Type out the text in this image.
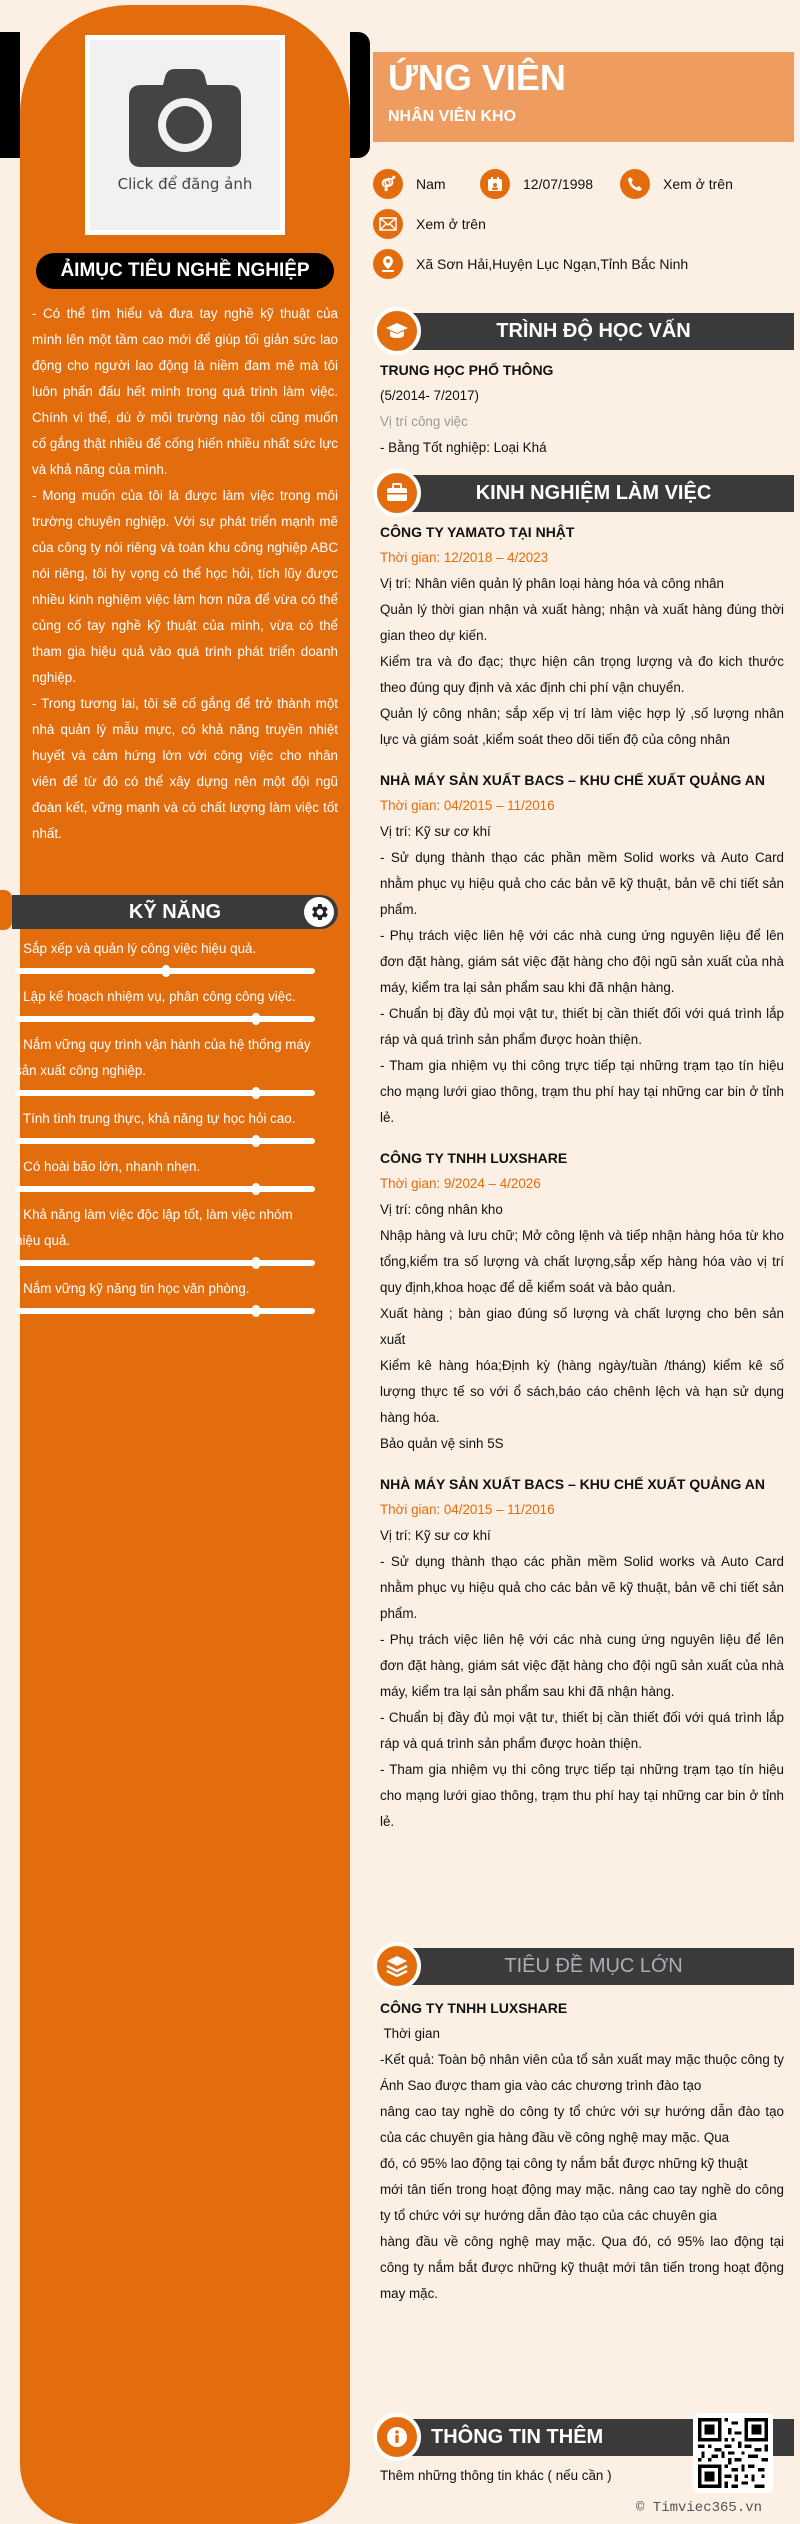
Click để đăng ảnh
ẢIMỤC TIÊU NGHỀ NGHIỆP

- Có thể tìm hiểu và đưa tay nghề kỹ thuật của mình lên một tầm cao mới để giúp tối giản sức lao động cho người lao động là niềm đam mê mà tôi luôn phấn đấu hết mình trong quá trình làm việc. Chính vì thế, dù ở môi trường nào tôi cũng muốn cố gắng thật nhiều để cống hiến nhiều nhất sức lực và khả năng của mình.

- Mong muốn của tôi là được làm việc trong môi trường chuyên nghiệp. Với sự phát triển mạnh mẽ của công ty nói riêng và toàn khu công nghiệp ABC nói riêng, tôi hy vọng có thể học hỏi, tích lũy được nhiều kinh nghiệm việc làm hơn nữa để vừa có thể củng cố tay nghề kỹ thuật của mình, vừa có thể tham gia hiệu quả vào quá trình phát triển doanh nghiệp.

- Trong tương lai, tôi sẽ cố gắng để trở thành một nhà quản lý mẫu mực, có khả năng truyền nhiệt huyết và cảm hứng lớn với công việc cho nhân viên để từ đó có thể xây dựng nên một đội ngũ đoàn kết, vững mạnh và có chất lượng làm việc tốt nhất.

KỸ NĂNG
- Sắp xếp và quản lý công việc hiệu quả.
- Lập kế hoạch nhiệm vụ, phân công công việc.
- Nắm vững quy trình vận hành của hệ thống máy sản xuất công nghiệp.
- Tính tình trung thực, khả năng tự học hỏi cao.
- Có hoài bão lớn, nhanh nhẹn.
- Khả năng làm việc độc lập tốt, làm việc nhóm hiệu quả.
- Nắm vững kỹ năng tin học văn phòng.
ỨNG VIÊN
NHÂN VIÊN KHO
Nam	12/07/1998	Xem ở trên
Xem ở trên
Xã Sơn Hải,Huyện Lục Ngạn,Tỉnh Bắc Ninh
TRÌNH ĐỘ HỌC VẤN

TRUNG HỌC PHỔ THÔNG

(5/2014- 7/2017)

Vị trí công việc

- Bằng Tốt nghiệp: Loại Khá

KINH NGHIỆM LÀM VIỆC

CÔNG TY YAMATO TẠI NHẬT

Thời gian: 12/2018 – 4/2023

Vị trí: Nhân viên quản lý phân loại hàng hóa và công nhân

Quản lý thời gian nhận và xuất hàng; nhận và xuất hàng đúng thời gian theo dự kiến.

Kiểm tra và đo đạc; thực hiện cân trọng lượng và đo kich thước theo đúng quy định và xác định chi phí vận chuyển.

Quản lý công nhân; sắp xếp vị trí làm việc hợp lý ,số lượng nhân lực và giám soát ,kiểm soát theo dõi tiến độ của công nhân

NHÀ MÁY SẢN XUẤT BACS – KHU CHẾ XUẤT QUẢNG AN

Thời gian: 04/2015 – 11/2016

Vị trí: Kỹ sư cơ khí

- Sử dụng thành thạo các phần mềm Solid works và Auto Card nhằm phục vụ hiệu quả cho các bản vẽ kỹ thuật, bản vẽ chi tiết sản phẩm.

- Phụ trách việc liên hệ với các nhà cung ứng nguyên liệu để lên đơn đặt hàng, giám sát việc đặt hàng cho đội ngũ sản xuất của nhà máy, kiểm tra lại sản phẩm sau khi đã nhận hàng.

- Chuẩn bị đầy đủ mọi vật tư, thiết bị cần thiết đối với quá trình lắp ráp và quá trình sản phẩm được hoàn thiện.

- Tham gia nhiệm vụ thi công trực tiếp tại những trạm tạo tín hiệu cho mạng lưới giao thông, trạm thu phí hay tại những car bin ở tỉnh lẻ.

CÔNG TY TNHH LUXSHARE

Thời gian: 9/2024 – 4/2026

Vị trí: công nhân kho

Nhập hàng và lưu chữ; Mở công lệnh và tiếp nhận hàng hóa từ kho tổng,kiểm tra số lượng và chất lượng,sắp xếp hàng hóa vào vị trí quy định,khoa hoạc để dễ kiểm soát và bảo quản.

Xuất hàng ; bàn giao đúng số lượng và chất lượng cho bên sản xuất

Kiểm kê hàng hóa;Định kỳ (hàng ngày/tuần /tháng) kiểm kê số lượng thực tế so với ổ sách,báo cáo chênh lệch và hạn sử dụng hàng hóa.

Bảo quản vệ sinh 5S

NHÀ MÁY SẢN XUẤT BACS – KHU CHẾ XUẤT QUẢNG AN

Thời gian: 04/2015 – 11/2016

Vị trí: Kỹ sư cơ khí

- Sử dụng thành thạo các phần mềm Solid works và Auto Card nhằm phục vụ hiệu quả cho các bản vẽ kỹ thuật, bản vẽ chi tiết sản phẩm.

- Phụ trách việc liên hệ với các nhà cung ứng nguyên liệu để lên đơn đặt hàng, giám sát việc đặt hàng cho đội ngũ sản xuất của nhà máy, kiểm tra lại sản phẩm sau khi đã nhận hàng.

- Chuẩn bị đầy đủ mọi vật tư, thiết bị cần thiết đối với quá trình lắp ráp và quá trình sản phẩm được hoàn thiện.

- Tham gia nhiệm vụ thi công trực tiếp tại những trạm tạo tín hiệu cho mạng lưới giao thông, trạm thu phí hay tại những car bin ở tỉnh lẻ.

TIÊU ĐỀ MỤC LỚN

CÔNG TY TNHH LUXSHARE

Thời gian

-Kết quả: Toàn bộ nhân viên của tổ sản xuất may mặc thuộc công ty Ánh Sao được tham gia vào các chương trình đào tạo

nâng cao tay nghề do công ty tổ chức với sự hướng dẫn đào tạo của các chuyên gia hàng đầu về công nghệ may mặc. Qua

đó, có 95% lao động tại công ty nắm bắt được những kỹ thuật

mới tân tiến trong hoạt động may mặc. nâng cao tay nghề do công ty tổ chức với sự hướng dẫn đào tạo của các chuyên gia

hàng đầu về công nghệ may mặc. Qua đó, có 95% lao động tại công ty nắm bắt được những kỹ thuật mới tân tiến trong hoạt động may mặc.

THÔNG TIN THÊM

Thêm những thông tin khác ( nếu cần )

© Timviec365.vn
